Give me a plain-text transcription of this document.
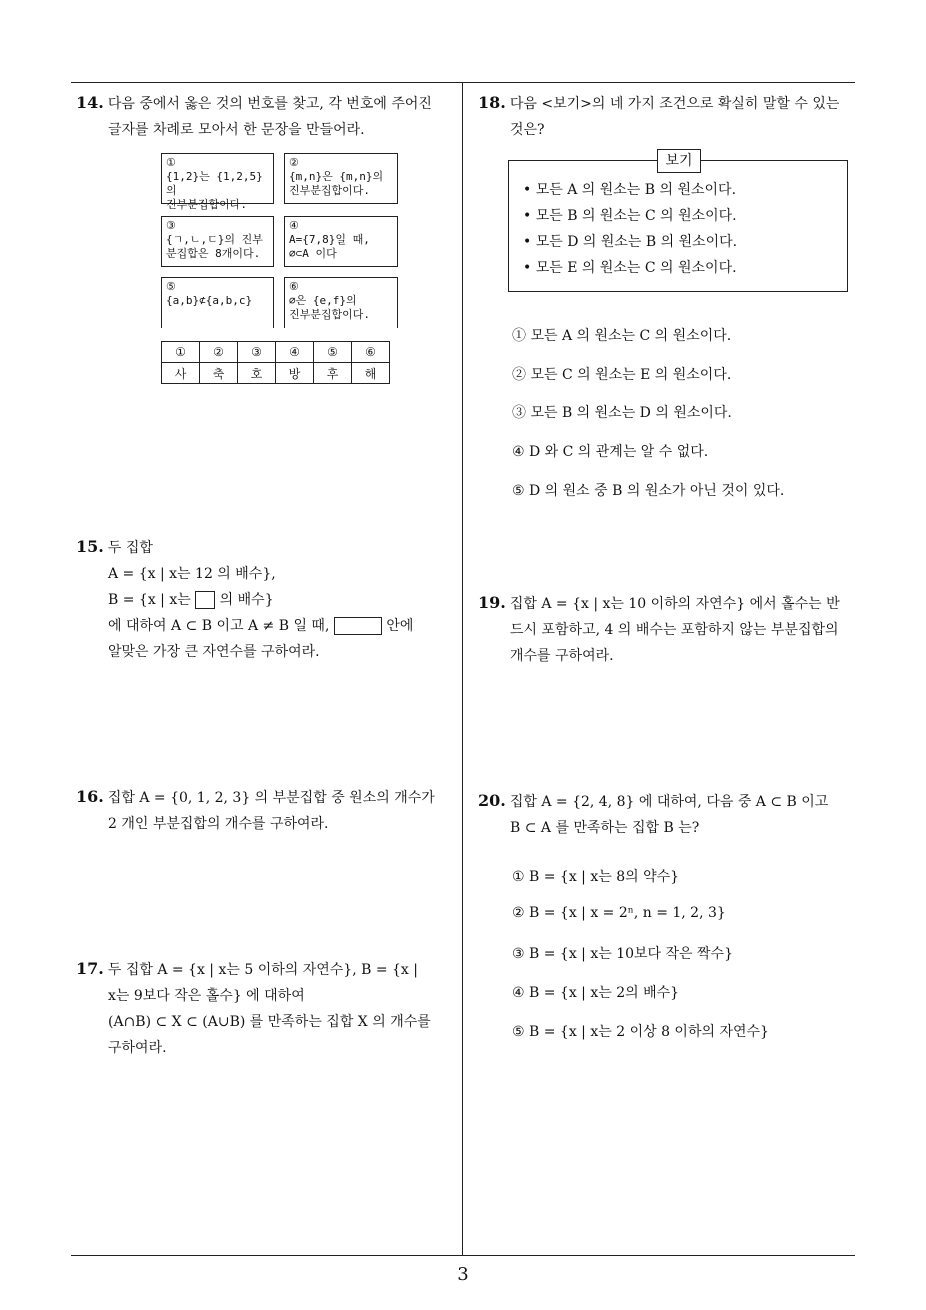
14. 다음 중에서 옳은 것의 번호를 찾고, 각 번호에 주어진
글자를 차례로 모아서 한 문장을 만들어라.
①
{1,2}는 {1,2,5}의
진부분집합이다.
②
{m,n}은 {m,n}의
진부분집합이다.
③
{ㄱ,ㄴ,ㄷ}의 진부
분집합은 8개이다.
④
A={7,8}일 때,
∅⊂A 이다
⑤
{a,b}⊄{a,b,c}
⑥
∅은 {e,f}의
진부분집합이다.
①	②	③	④	⑤	⑥
사	축	호	방	후	해
15. 두 집합
A = {x | x는 12 의 배수},
B = {x | x는 의 배수}
에 대하여 A ⊂ B 이고 A ≠ B 일 때,	안에
알맞은 가장 큰 자연수를 구하여라.
16. 집합 A = {0, 1, 2, 3} 의 부분집합 중 원소의 개수가
2 개인 부분집합의 개수를 구하여라.
17. 두 집합 A = {x | x는 5 이하의 자연수}, B = {x |
x는 9보다 작은 홀수} 에 대하여
(A∩B) ⊂ X ⊂ (A∪B) 를 만족하는 집합 X 의 개수를
구하여라.
18. 다음 <보기>의 네 가지 조건으로 확실히 말할 수 있는
것은?
• 모든 A 의 원소는 B 의 원소이다.
• 모든 B 의 원소는 C 의 원소이다.
• 모든 D 의 원소는 B 의 원소이다.
• 모든 E 의 원소는 C 의 원소이다.
보기
① 모든 A 의 원소는 C 의 원소이다.
② 모든 C 의 원소는 E 의 원소이다.
③ 모든 B 의 원소는 D 의 원소이다.
④ D 와 C 의 관계는 알 수 없다.
⑤ D 의 원소 중 B 의 원소가 아닌 것이 있다.
19. 집합 A = {x | x는 10 이하의 자연수} 에서 홀수는 반
드시 포함하고, 4 의 배수는 포함하지 않는 부분집합의
개수를 구하여라.
20. 집합 A = {2, 4, 8} 에 대하여, 다음 중 A ⊂ B 이고
B ⊂ A 를 만족하는 집합 B 는?
① B = {x | x는 8의 약수}
② B = {x | x = 2ⁿ, n = 1, 2, 3}
③ B = {x | x는 10보다 작은 짝수}
④ B = {x | x는 2의 배수}
⑤ B = {x | x는 2 이상 8 이하의 자연수}
3
